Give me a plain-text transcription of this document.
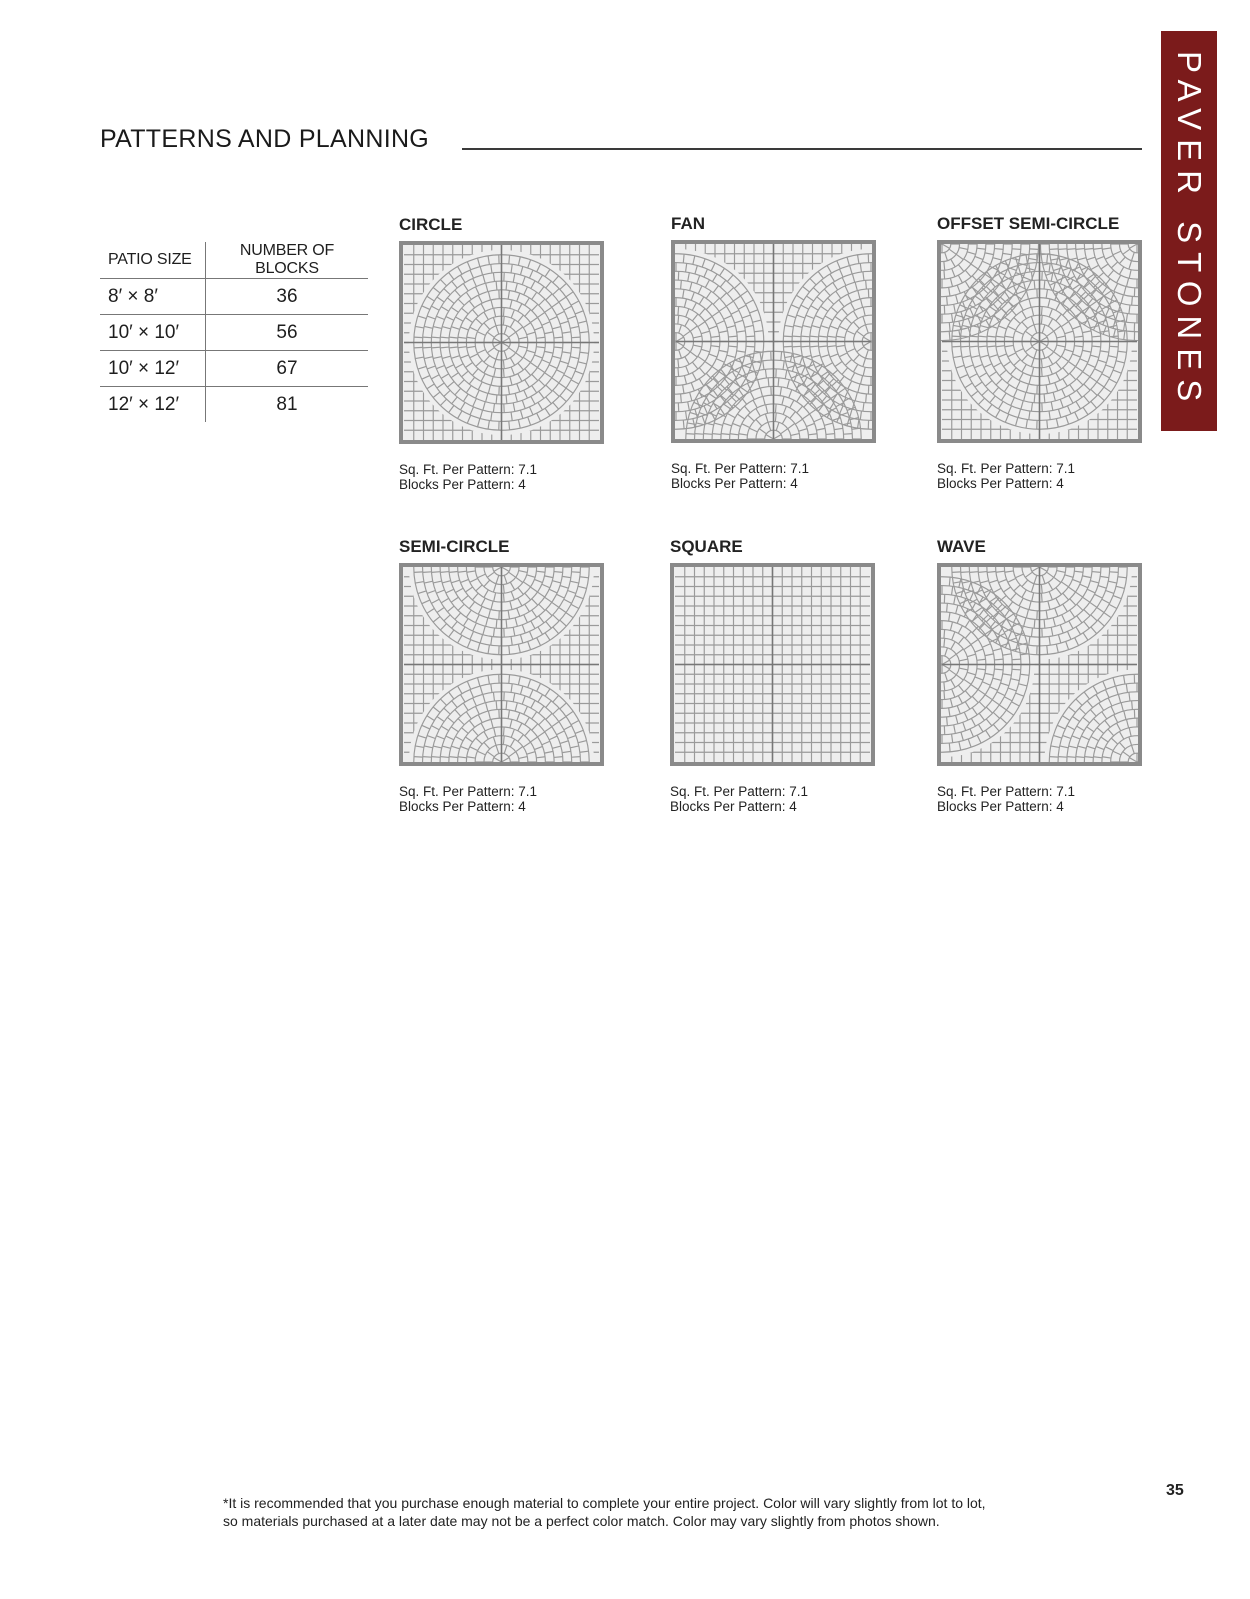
PATTERNS AND PLANNING	PAVER STONES
PATIO SIZE	NUMBER OF BLOCKS
8′ × 8′	36
10′ × 10′	56
10′ × 12′	67
12′ × 12′	81
CIRCLE
Sq. Ft. Per Pattern: 7.1
Blocks Per Pattern: 4
FAN
Sq. Ft. Per Pattern: 7.1
Blocks Per Pattern: 4
OFFSET SEMI-CIRCLE
Sq. Ft. Per Pattern: 7.1
Blocks Per Pattern: 4
SEMI-CIRCLE
Sq. Ft. Per Pattern: 7.1
Blocks Per Pattern: 4
SQUARE
Sq. Ft. Per Pattern: 7.1
Blocks Per Pattern: 4
WAVE
Sq. Ft. Per Pattern: 7.1
Blocks Per Pattern: 4
35
*It is recommended that you purchase enough material to complete your entire project. Color will vary slightly from lot to lot,
so materials purchased at a later date may not be a perfect color match. Color may vary slightly from photos shown.
